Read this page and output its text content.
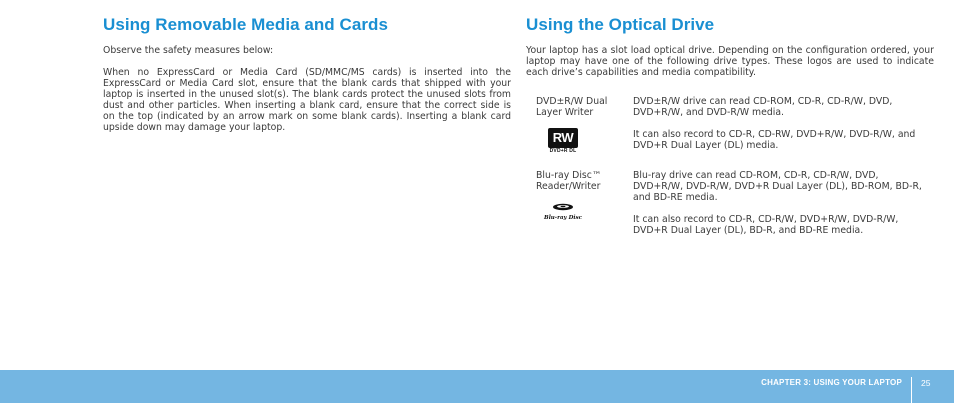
Using Removable Media and Cards

Observe the safety measures below:

When no ExpressCard or Media Card (SD/MMC/MS cards) is inserted into the ExpressCard or Media Card slot, ensure that the blank cards that shipped with your laptop is inserted in the unused slot(s). The blank cards protect the unused slots from dust and other particles. When inserting a blank card, ensure that the correct side is on the top (indicated by an arrow mark on some blank cards). Inserting a blank card upside down may damage your laptop.

Using the Optical Drive

Your laptop has a slot load optical drive. Depending on the configuration ordered, your laptop may have one of the following drive types. These logos are used to indicate each drive’s capabilities and media compatibility.

DVD±R/W Dual Layer Writer
RW
DVD+R DL

DVD±R/W drive can read CD-ROM, CD-R, CD-R/W, DVD, DVD+R/W, and DVD-R/W media.

It can also record to CD-R, CD-RW, DVD+R/W, DVD-R/W, and DVD+R Dual Layer (DL) media.

Blu-ray Disc™ Reader/Writer
Blu-ray Disc

Blu-ray drive can read CD-ROM, CD-R, CD-R/W, DVD, DVD+R/W, DVD-R/W, DVD+R Dual Layer (DL), BD-ROM, BD-R, and BD-RE media.

It can also record to CD-R, CD-R/W, DVD+R/W, DVD-R/W, DVD+R Dual Layer (DL), BD-R, and BD-RE media.

CHAPTER 3: USING YOUR LAPTOP 25
